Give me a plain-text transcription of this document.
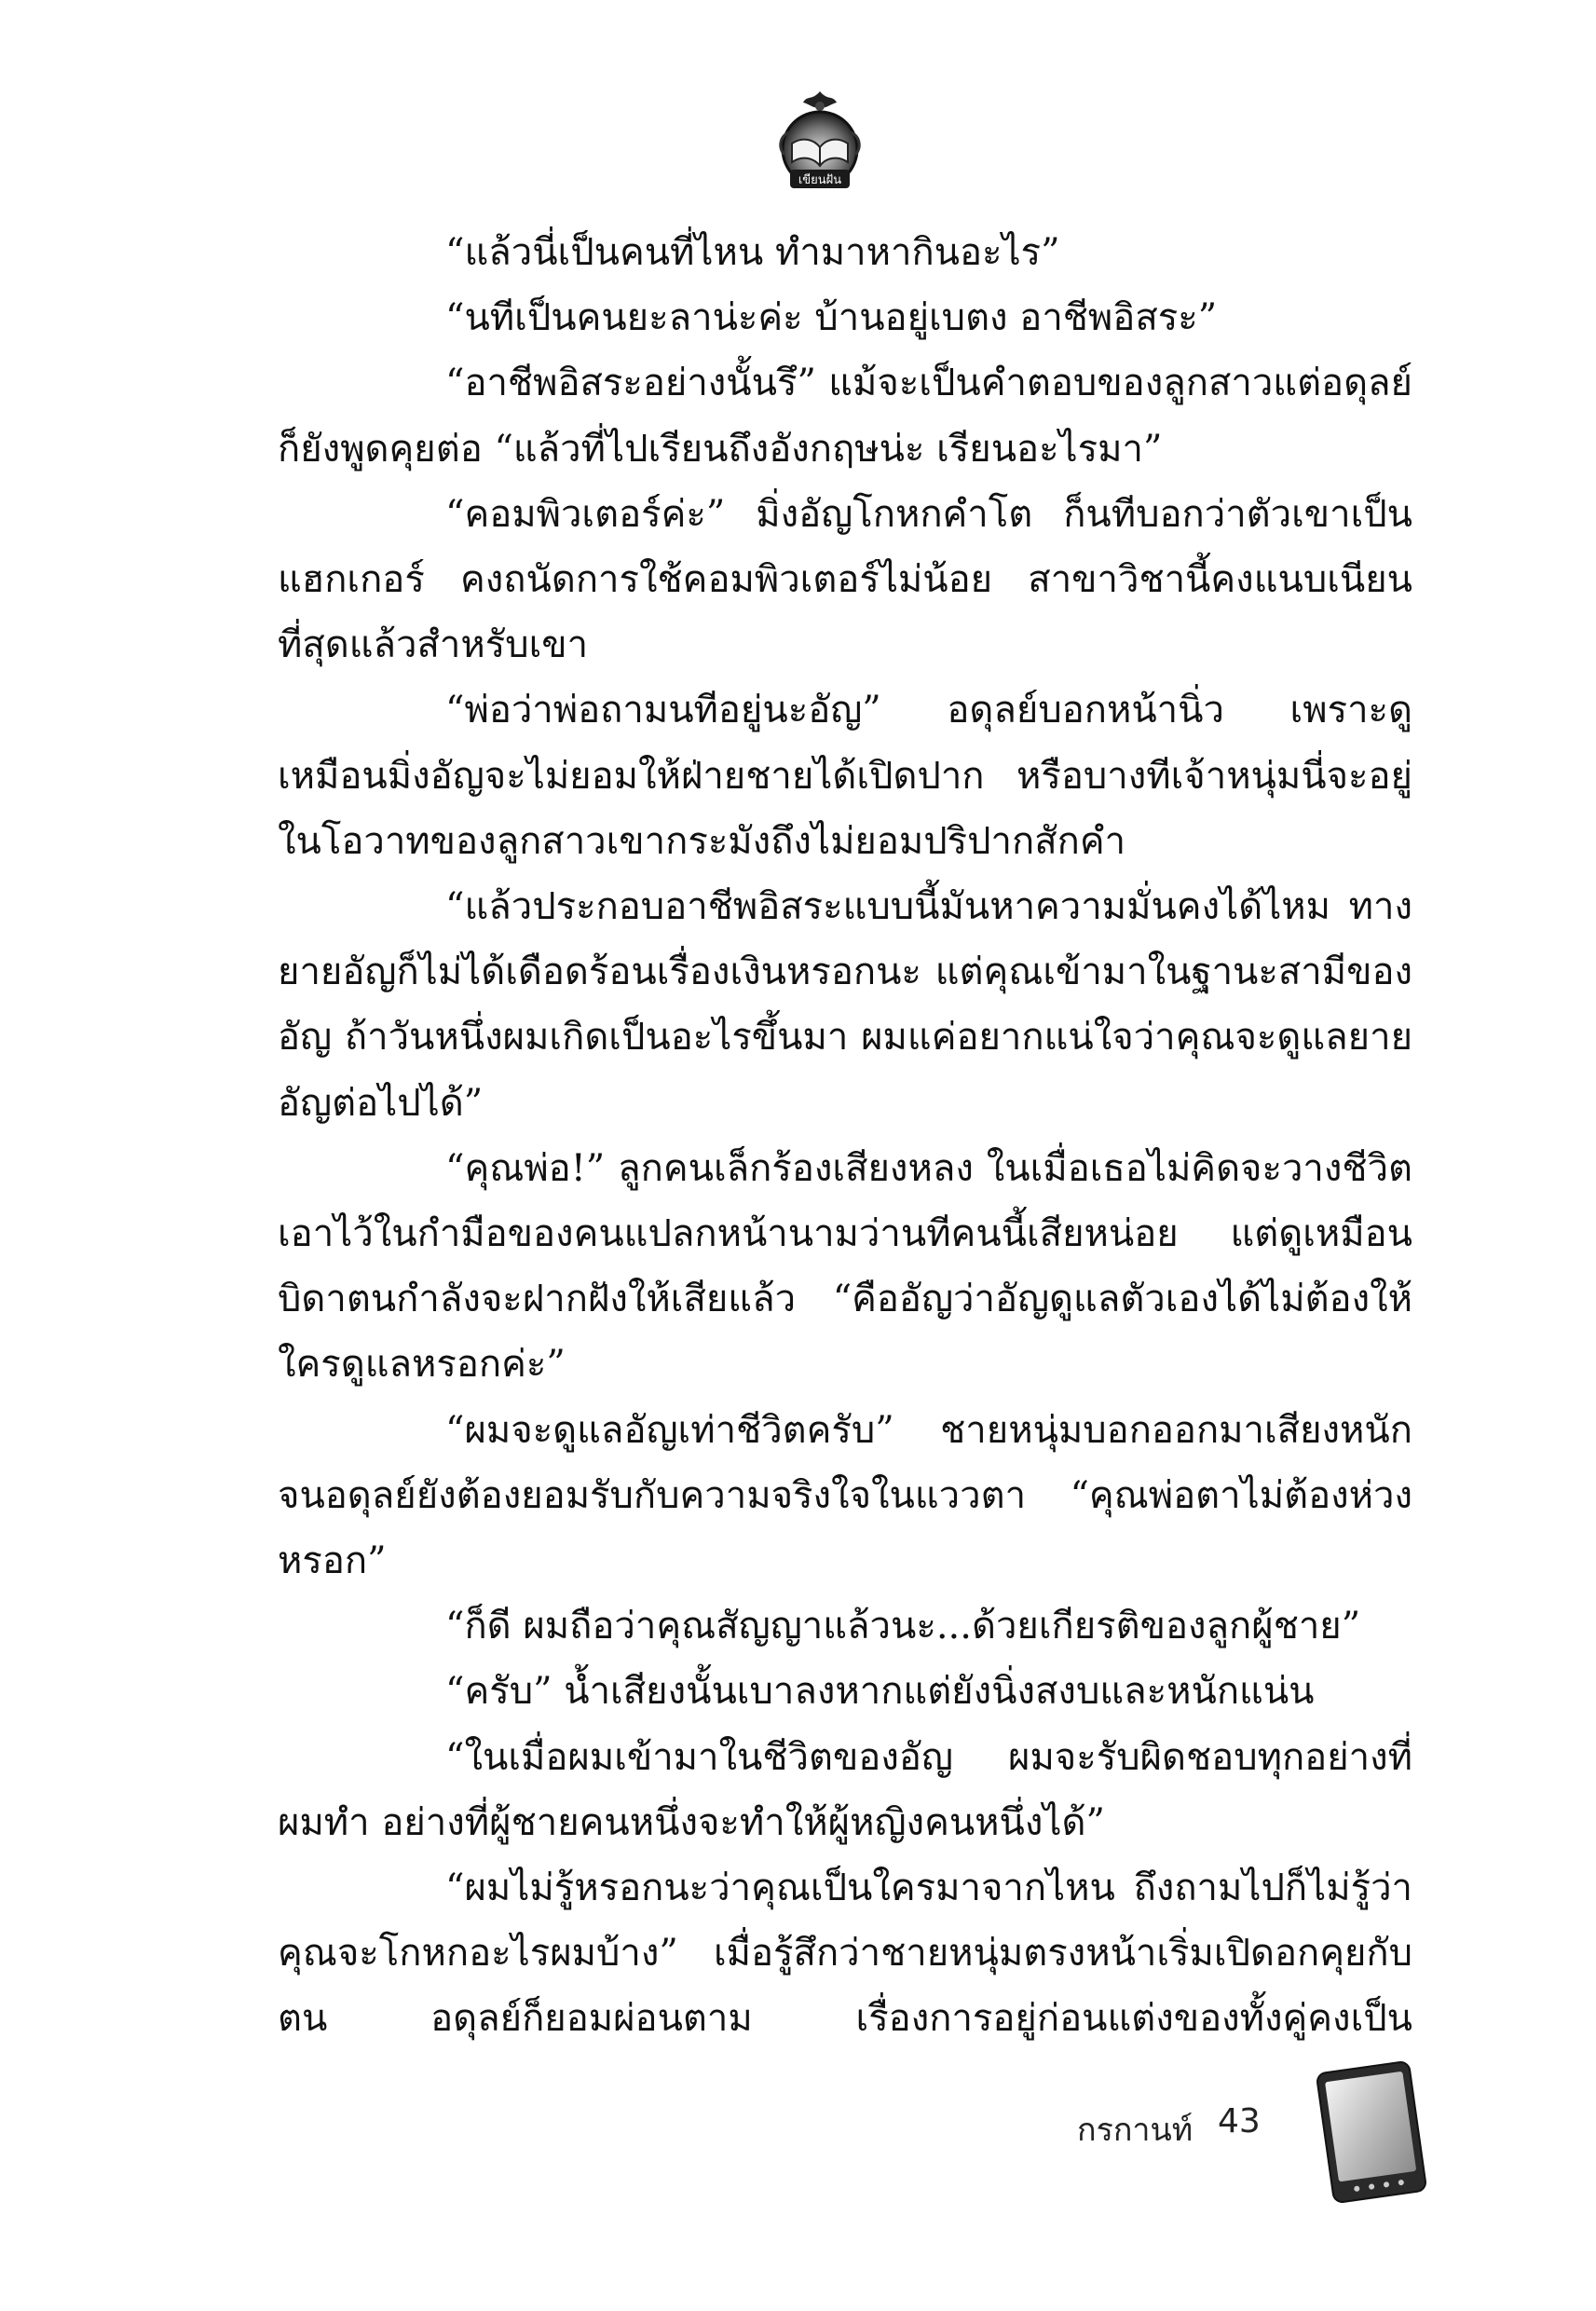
เขียนฝัน

“แล้วนี่เป็นคนที่ไหน ทำมาหากินอะไร”

“นทีเป็นคนยะลาน่ะค่ะ บ้านอยู่เบตง อาชีพอิสระ”

“อาชีพอิสระอย่างนั้นรึ” แม้จะเป็นคำตอบของลูกสาวแต่อดุลย์ก็ยังพูดคุยต่อ “แล้วที่ไปเรียนถึงอังกฤษน่ะ เรียนอะไรมา”

“คอมพิวเตอร์ค่ะ” มิ่งอัญโกหกคำโต ก็นทีบอกว่าตัวเขาเป็นแฮกเกอร์ คงถนัดการใช้คอมพิวเตอร์ไม่น้อย สาขาวิชานี้คงแนบเนียนที่สุดแล้วสำหรับเขา

“พ่อว่าพ่อถามนทีอยู่นะอัญ” อดุลย์บอกหน้านิ่ว เพราะดูเหมือนมิ่งอัญจะไม่ยอมให้ฝ่ายชายได้เปิดปาก หรือบางทีเจ้าหนุ่มนี่จะอยู่ในโอวาทของลูกสาวเขากระมังถึงไม่ยอมปริปากสักคำ

“แล้วประกอบอาชีพอิสระแบบนี้มันหาความมั่นคงได้ไหม ทางยายอัญก็ไม่ได้เดือดร้อนเรื่องเงินหรอกนะ แต่คุณเข้ามาในฐานะสามีของอัญ ถ้าวันหนึ่งผมเกิดเป็นอะไรขึ้นมา ผมแค่อยากแน่ใจว่าคุณจะดูแลยายอัญต่อไปได้”

“คุณพ่อ!” ลูกคนเล็กร้องเสียงหลง ในเมื่อเธอไม่คิดจะวางชีวิตเอาไว้ในกำมือของคนแปลกหน้านามว่านทีคนนี้เสียหน่อย แต่ดูเหมือนบิดาตนกำลังจะฝากฝังให้เสียแล้ว “คืออัญว่าอัญดูแลตัวเองได้ไม่ต้องให้ใครดูแลหรอกค่ะ”

“ผมจะดูแลอัญเท่าชีวิตครับ” ชายหนุ่มบอกออกมาเสียงหนักจนอดุลย์ยังต้องยอมรับกับความจริงใจในแววตา “คุณพ่อตาไม่ต้องห่วงหรอก”

“ก็ดี ผมถือว่าคุณสัญญาแล้วนะ...ด้วยเกียรติของลูกผู้ชาย”

“ครับ” น้ำเสียงนั้นเบาลงหากแต่ยังนิ่งสงบและหนักแน่น

“ในเมื่อผมเข้ามาในชีวิตของอัญ ผมจะรับผิดชอบทุกอย่างที่ผมทำ อย่างที่ผู้ชายคนหนึ่งจะทำให้ผู้หญิงคนหนึ่งได้”

“ผมไม่รู้หรอกนะว่าคุณเป็นใครมาจากไหน ถึงถามไปก็ไม่รู้ว่าคุณจะโกหกอะไรผมบ้าง” เมื่อรู้สึกว่าชายหนุ่มตรงหน้าเริ่มเปิดอกคุยกับตน อดุลย์ก็ยอมผ่อนตาม เรื่องการอยู่ก่อนแต่งของทั้งคู่คงเป็น

กรกานท์ 43
